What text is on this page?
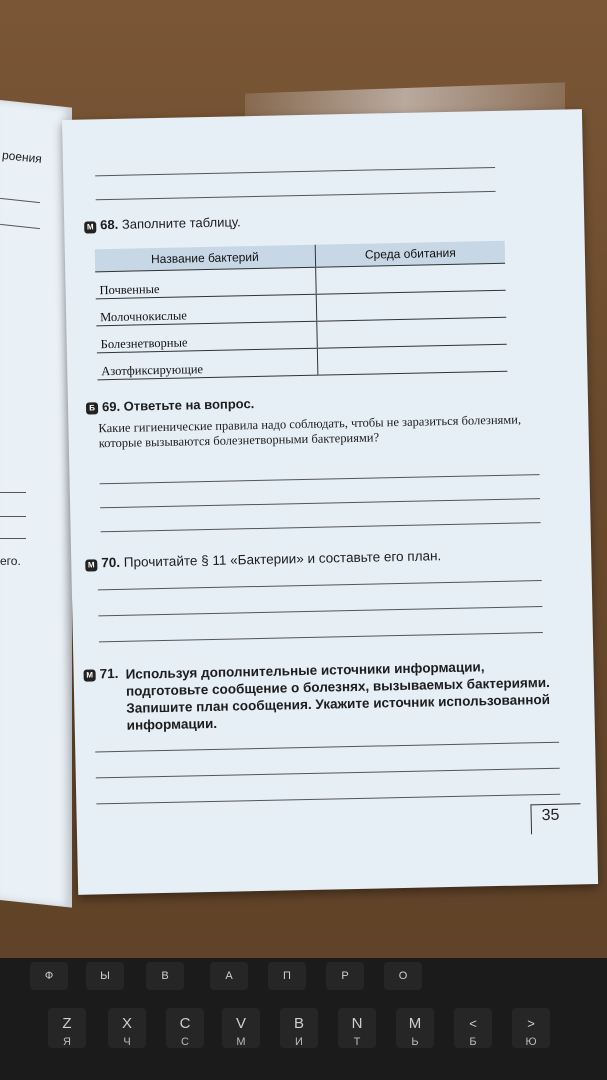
роения
его.
М 68. Заполните таблицу.
Название бактерий	Среда обитания
Почвенные	
Молочнокислые	
Болезнетворные	
Азотфиксирующие	
Б 69. Ответьте на вопрос.
Какие гигиенические правила надо соблюдать, чтобы не заразиться болезнями, которые вызываются болезнетворными бактериями?
М 70. Прочитайте § 11 «Бактерии» и составьте его план.
М 71. Используя дополнительные источники информации, подготовьте сообщение о болезнях, вызываемых бактериями. Запишите план сообщения. Укажите источник использованной информации.
35
Ф	Ы	В	А	П	Р	О
Z
Я
X
Ч
C
С
V
М
B
И
N
Т
M
Ь
<
Б
>
Ю
